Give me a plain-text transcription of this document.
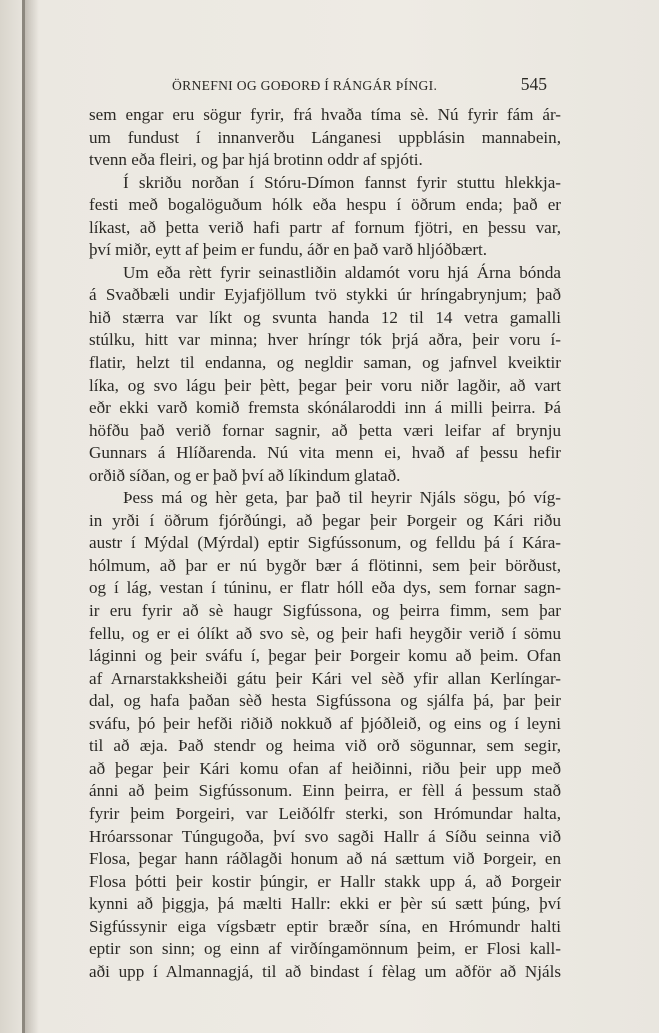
ÖRNEFNI OG GOÐORÐ Í RÁNGÁR ÞÍNGI.	545
sem engar eru sögur fyrir, frá hvaða tíma sè. Nú fyrir fám ár-
um fundust í innanverðu Lánganesi uppblásin mannabein,
tvenn eða fleiri, og þar hjá brotinn oddr af spjóti.
Í skriðu norðan í Stóru-Dímon fannst fyrir stuttu hlekkja-
festi með bogalöguðum hólk eða hespu í öðrum enda; það er
líkast, að þetta verið hafi partr af fornum fjötri, en þessu var,
því miðr, eytt af þeim er fundu, áðr en það varð hljóðbært.
Um eða rètt fyrir seinastliðin aldamót voru hjá Árna bónda
á Svaðbæli undir Eyjafjöllum tvö stykki úr hríngabrynjum; það
hið stærra var líkt og svunta handa 12 til 14 vetra gamalli
stúlku, hitt var minna; hver hríngr tók þrjá aðra, þeir voru í-
flatir, helzt til endanna, og negldir saman, og jafnvel kveiktir
líka, og svo lágu þeir þètt, þegar þeir voru niðr lagðir, að vart
eðr ekki varð komið fremsta skónálaroddi inn á milli þeirra. Þá
höfðu það verið fornar sagnir, að þetta væri leifar af brynju
Gunnars á Hlíðarenda. Nú vita menn ei, hvað af þessu hefir
orðið síðan, og er það því að líkindum glatað.
Þess má og hèr geta, þar það til heyrir Njáls sögu, þó víg-
in yrði í öðrum fjórðúngi, að þegar þeir Þorgeir og Kári riðu
austr í Mýdal (Mýrdal) eptir Sigfússonum, og felldu þá í Kára-
hólmum, að þar er nú bygðr bær á flötinni, sem þeir börðust,
og í lág, vestan í túninu, er flatr hóll eða dys, sem fornar sagn-
ir eru fyrir að sè haugr Sigfússona, og þeirra fimm, sem þar
fellu, og er ei ólíkt að svo sè, og þeir hafi heygðir verið í sömu
láginni og þeir sváfu í, þegar þeir Þorgeir komu að þeim. Ofan
af Arnarstakksheiði gátu þeir Kári vel sèð yfir allan Kerlíngar-
dal, og hafa þaðan sèð hesta Sigfússona og sjálfa þá, þar þeir
sváfu, þó þeir hefði riðið nokkuð af þjóðleið, og eins og í leyni
til að æja. Það stendr og heima við orð sögunnar, sem segir,
að þegar þeir Kári komu ofan af heiðinni, riðu þeir upp með
ánni að þeim Sigfússonum. Einn þeirra, er fèll á þessum stað
fyrir þeim Þorgeiri, var Leiðólfr sterki, son Hrómundar halta,
Hróarssonar Túngugoða, því svo sagði Hallr á Síðu seinna við
Flosa, þegar hann ráðlagði honum að ná sættum við Þorgeir, en
Flosa þótti þeir kostir þúngir, er Hallr stakk upp á, að Þorgeir
kynni að þiggja, þá mælti Hallr: ekki er þèr sú sætt þúng, því
Sigfússynir eiga vígsbætr eptir bræðr sína, en Hrómundr halti
eptir son sinn; og einn af virðíngamönnum þeim, er Flosi kall-
aði upp í Almannagjá, til að bindast í fèlag um aðför að Njáls
